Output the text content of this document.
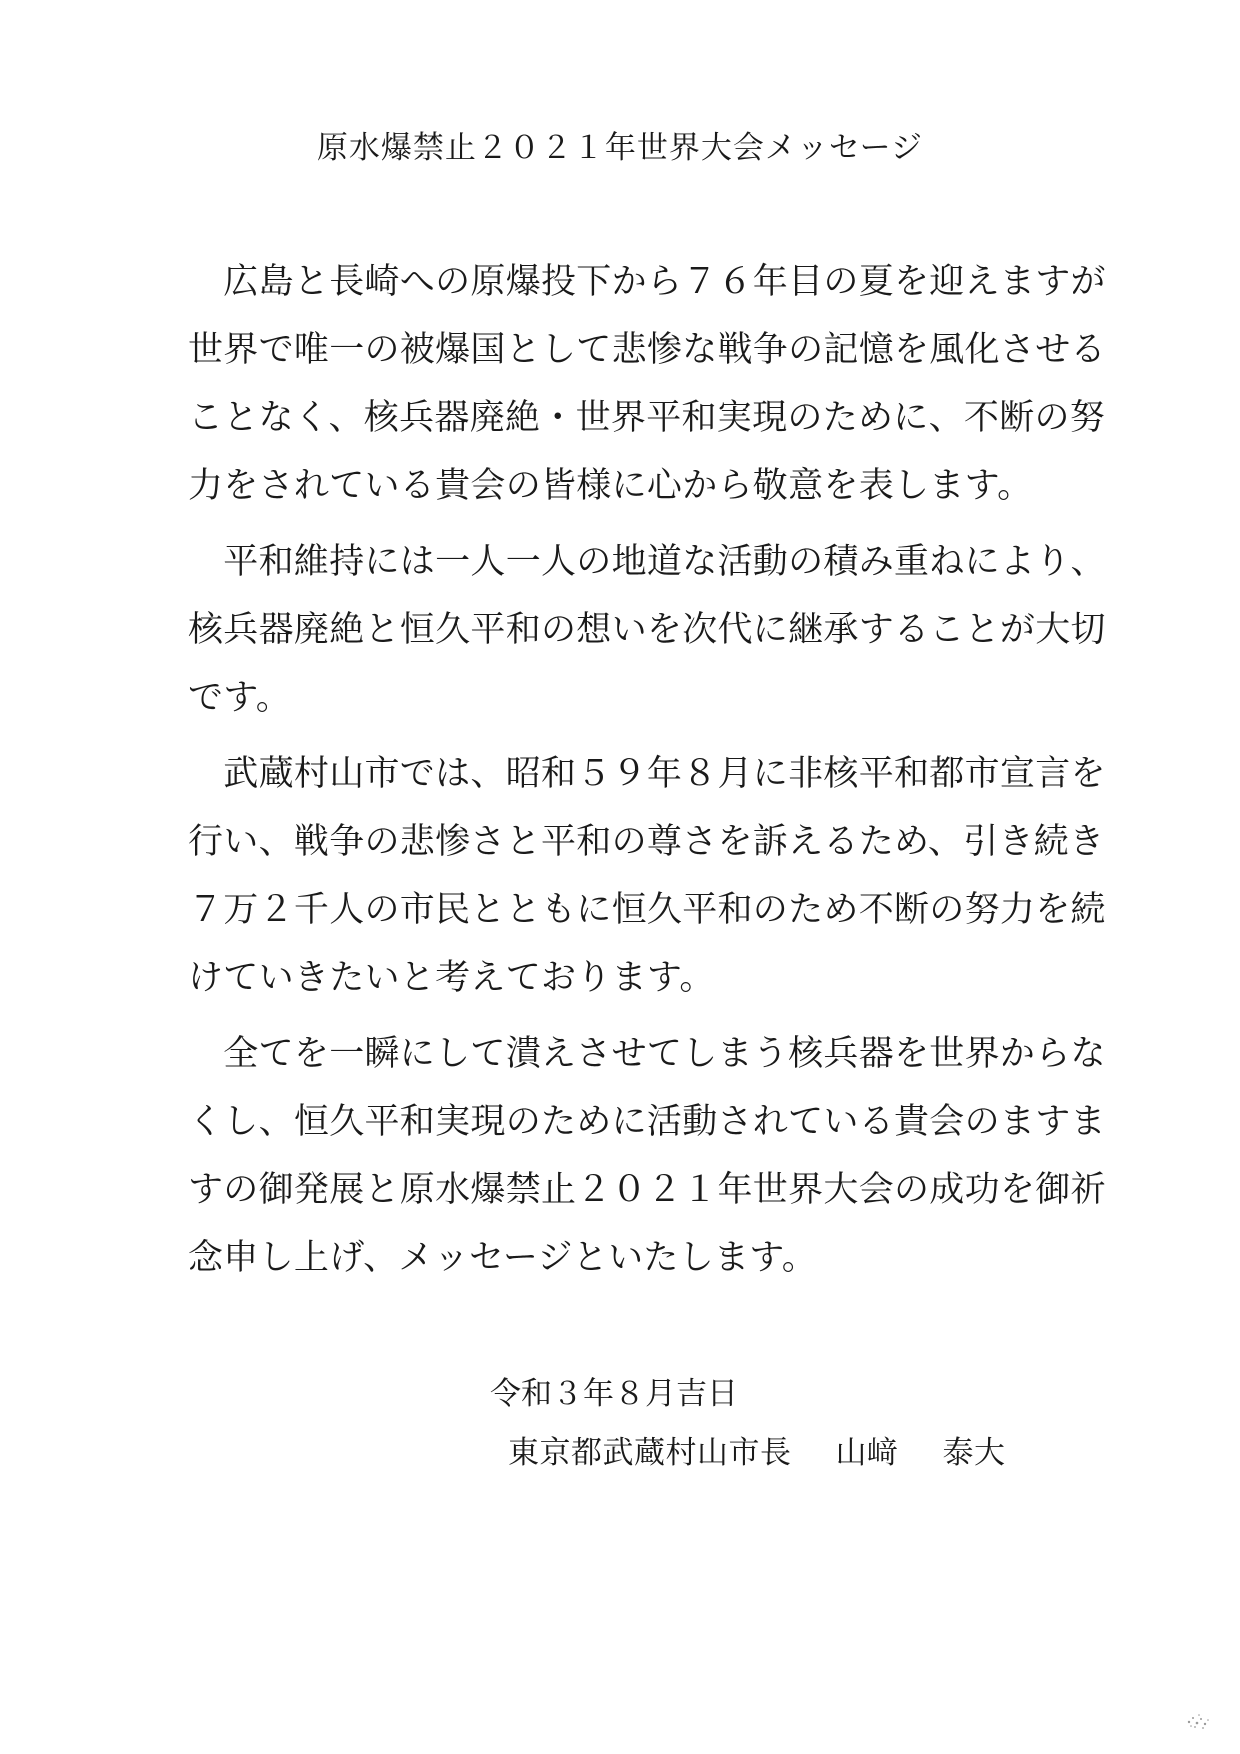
原水爆禁止２０２１年世界大会メッセージ
　広島と長崎への原爆投下から７６年目の夏を迎えますが
世界で唯一の被爆国として悲惨な戦争の記憶を風化させる
ことなく、核兵器廃絶・世界平和実現のために、不断の努
力をされている貴会の皆様に心から敬意を表します。
　平和維持には一人一人の地道な活動の積み重ねにより、
核兵器廃絶と恒久平和の想いを次代に継承することが大切
です。
　武蔵村山市では、昭和５９年８月に非核平和都市宣言を
行い、戦争の悲惨さと平和の尊さを訴えるため、引き続き
７万２千人の市民とともに恒久平和のため不断の努力を続
けていきたいと考えております。
　全てを一瞬にして潰えさせてしまう核兵器を世界からな
くし、恒久平和実現のために活動されている貴会のますま
すの御発展と原水爆禁止２０２１年世界大会の成功を御祈
念申し上げ、メッセージといたします。
令和３年８月吉日
東京都武蔵村山市長 山﨑 泰大
